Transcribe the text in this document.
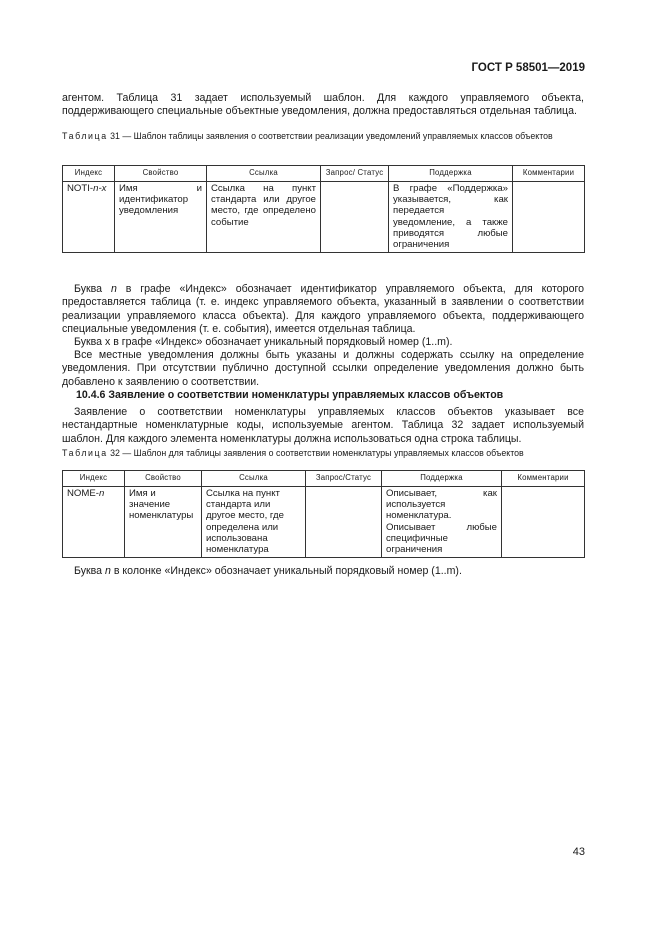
ГОСТ Р 58501—2019

агентом. Таблица 31 задает используемый шаблон. Для каждого управляемого объекта, поддерживающего специальные объектные уведомления, должна предоставляться отдельная таблица.

Таблица 31 — Шаблон таблицы заявления о соответствии реализации уведомлений управляемых классов объектов

Индекс	Свойство	Ссылка	Запрос/ Статус	Поддержка	Комментарии
NOTI-n-x	Имя и идентификатор уведомления	Ссылка на пункт стандарта или другое место, где определено событие		В графе «Поддержка» указывается, как передается уведомление, а также приводятся любые ограничения	

Буква n в графе «Индекс» обозначает идентификатор управляемого объекта, для которого предоставляется таблица (т. е. индекс управляемого объекта, указанный в заявлении о соответствии реализации управляемого класса объекта). Для каждого управляемого объекта, поддерживающего специальные уведомления (т. е. события), имеется отдельная таблица.

Буква x в графе «Индекс» обозначает уникальный порядковый номер (1..m).

Все местные уведомления должны быть указаны и должны содержать ссылку на определение уведомления. При отсутствии публично доступной ссылки определение уведомления должно быть добавлено к заявлению о соответствии.

10.4.6 Заявление о соответствии номенклатуры управляемых классов объектов

Заявление о соответствии номенклатуры управляемых классов объектов указывает все нестандартные номенклатурные коды, используемые агентом. Таблица 32 задает используемый шаблон. Для каждого элемента номенклатуры должна использоваться одна строка таблицы.

Таблица 32 — Шаблон для таблицы заявления о соответствии номенклатуры управляемых классов объектов

Индекс	Свойство	Ссылка	Запрос/Статус	Поддержка	Комментарии
NOME-n	Имя и значение номенклатуры	Ссылка на пункт стандарта или другое место, где определена или использована номенклатура		Описывает, как используется номенклатура. Описывает любые специфичные ограничения	

Буква n в колонке «Индекс» обозначает уникальный порядковый номер (1..m).

43
